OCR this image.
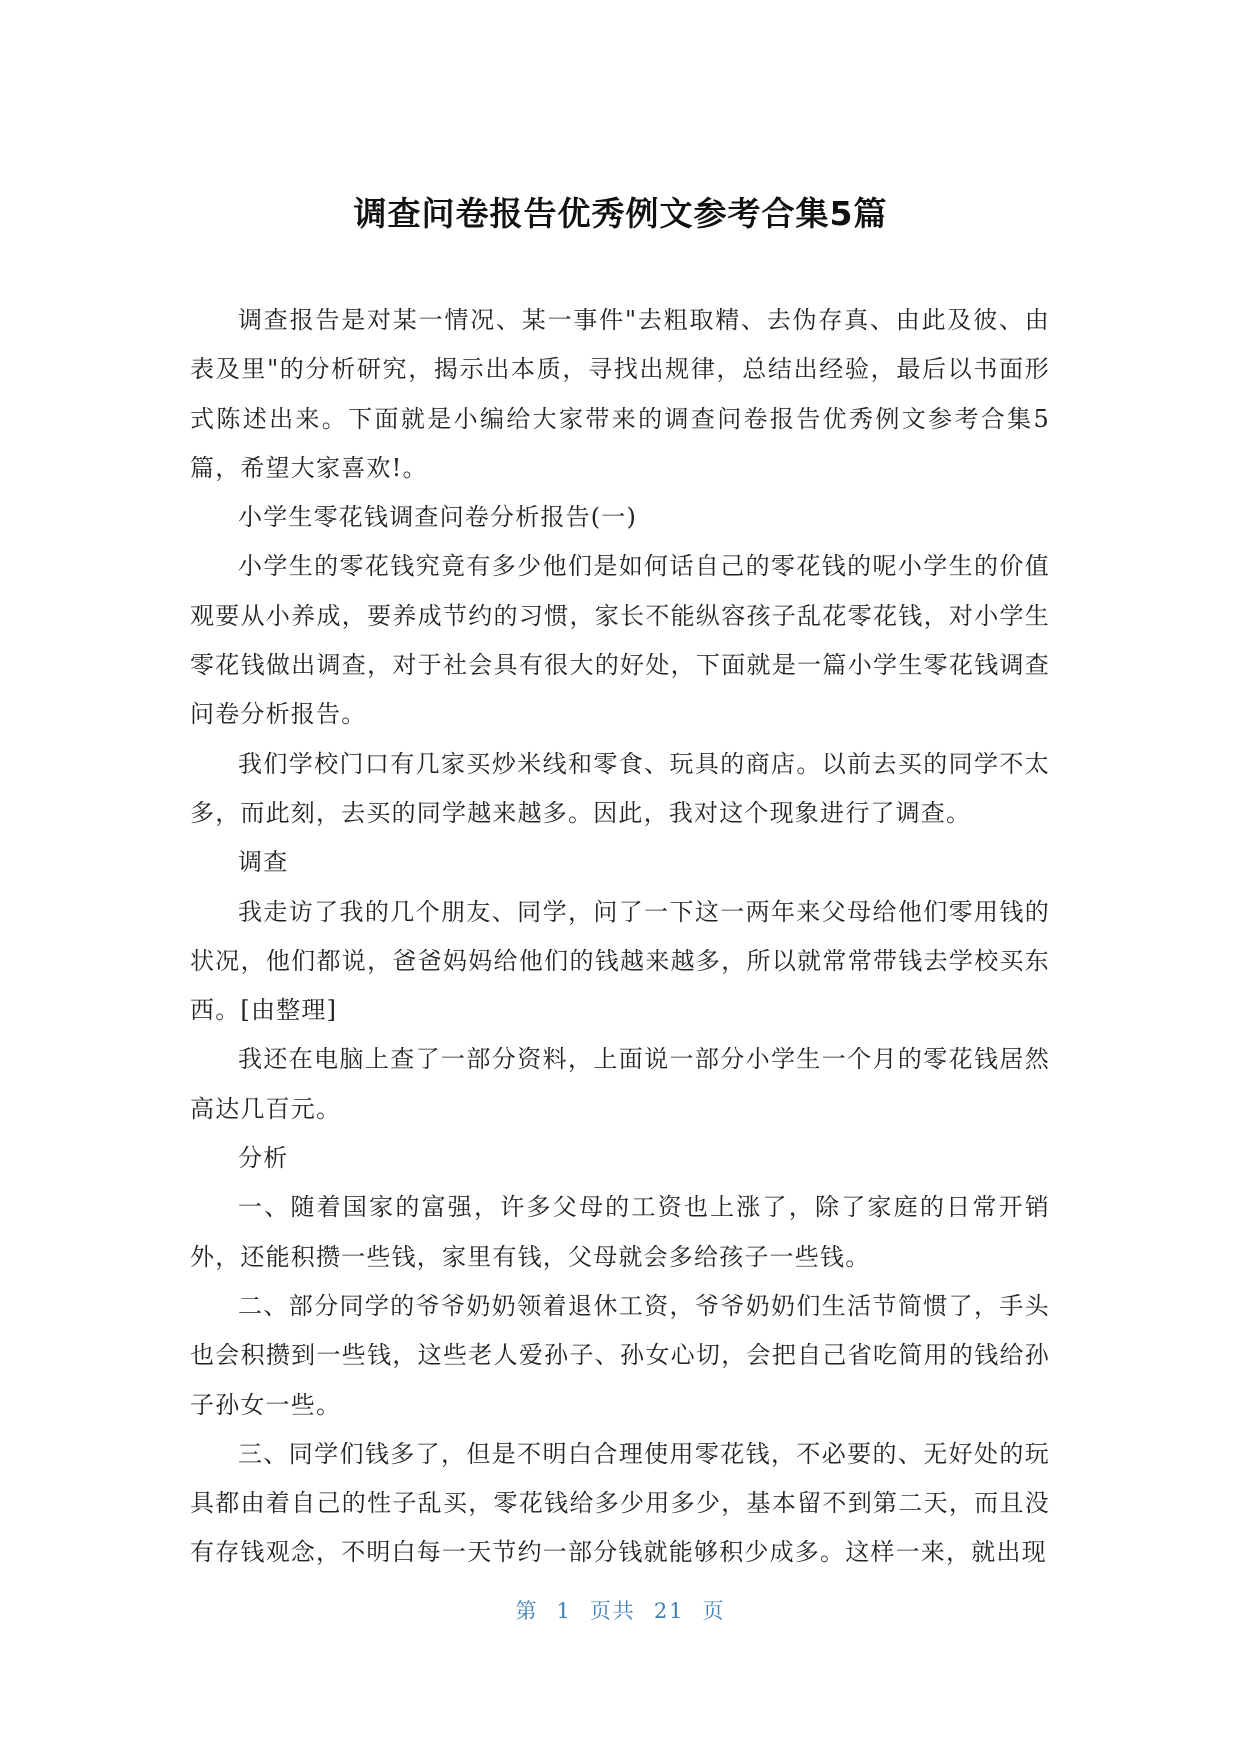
调查问卷报告优秀例文参考合集5篇

调查报告是对某一情况、某一事件"去粗取精、去伪存真、由此及彼、由表及里"的分析研究，揭示出本质，寻找出规律，总结出经验，最后以书面形式陈述出来。下面就是小编给大家带来的调查问卷报告优秀例文参考合集5篇，希望大家喜欢!。

小学生零花钱调查问卷分析报告(一)

小学生的零花钱究竟有多少他们是如何话自己的零花钱的呢小学生的价值观要从小养成，要养成节约的习惯，家长不能纵容孩子乱花零花钱，对小学生零花钱做出调查，对于社会具有很大的好处，下面就是一篇小学生零花钱调查问卷分析报告。

我们学校门口有几家买炒米线和零食、玩具的商店。以前去买的同学不太多，而此刻，去买的同学越来越多。因此，我对这个现象进行了调查。

调查

我走访了我的几个朋友、同学，问了一下这一两年来父母给他们零用钱的状况，他们都说，爸爸妈妈给他们的钱越来越多，所以就常常带钱去学校买东西。[由整理]

我还在电脑上查了一部分资料，上面说一部分小学生一个月的零花钱居然高达几百元。

分析

一、随着国家的富强，许多父母的工资也上涨了，除了家庭的日常开销外，还能积攒一些钱，家里有钱，父母就会多给孩子一些钱。

二、部分同学的爷爷奶奶领着退休工资，爷爷奶奶们生活节简惯了，手头也会积攒到一些钱，这些老人爱孙子、孙女心切，会把自己省吃简用的钱给孙子孙女一些。

三、同学们钱多了，但是不明白合理使用零花钱，不必要的、无好处的玩具都由着自己的性子乱买，零花钱给多少用多少，基本留不到第二天，而且没有存钱观念，不明白每一天节约一部分钱就能够积少成多。这样一来，就出现

第 1 页共 21 页
